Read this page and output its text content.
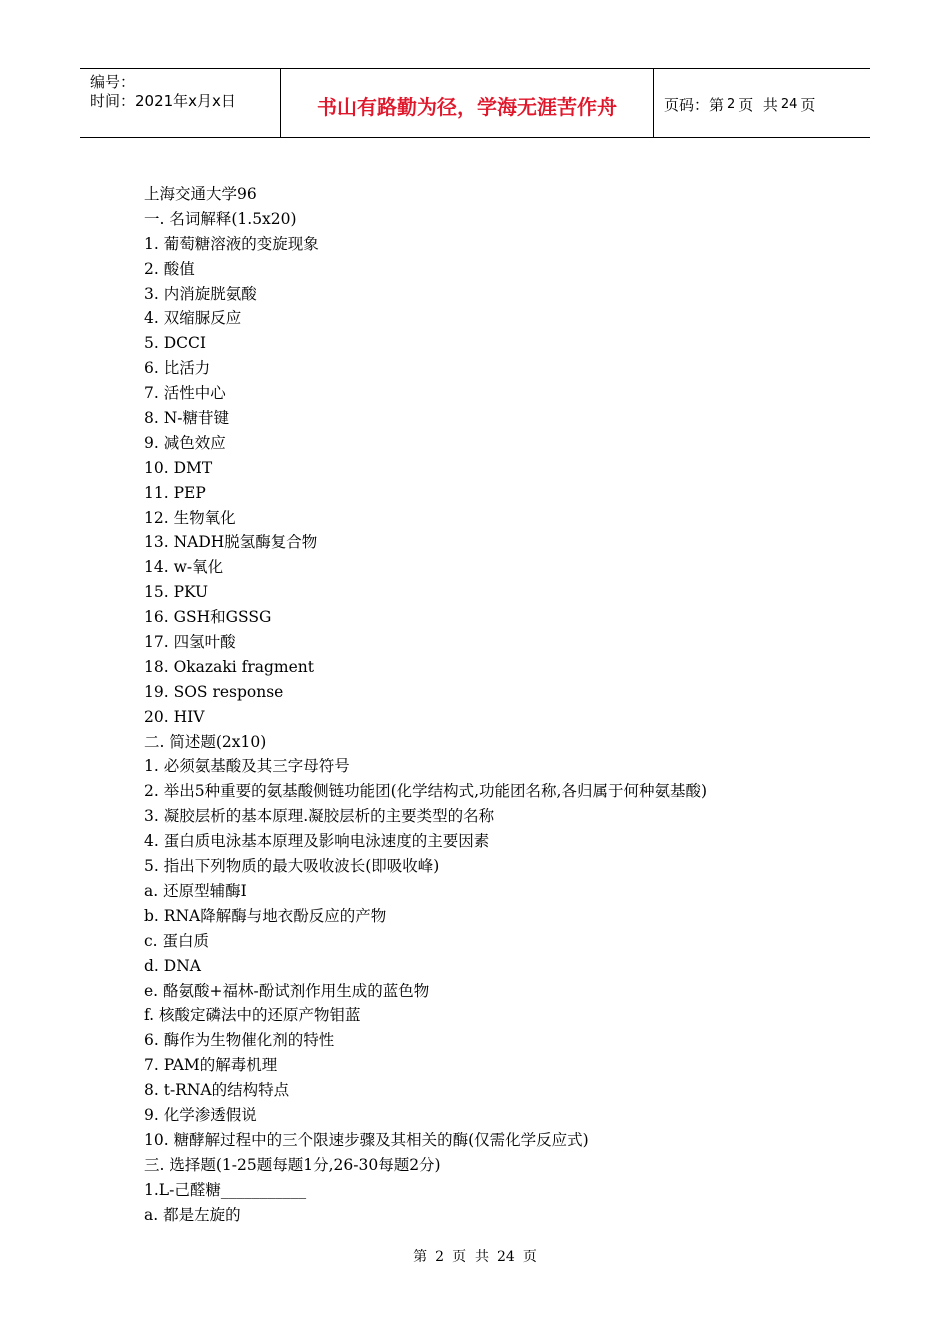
编号：
时间：2021年x月x日	书山有路勤为径，学海无涯苦作舟	页码：第 2 页  共 24 页
上海交通大学96
一. 名词解释(1.5x20)
1. 葡萄糖溶液的变旋现象
2. 酸值
3. 内消旋胱氨酸
4. 双缩脲反应
5. DCCI
6. 比活力
7. 活性中心
8. N-糖苷键
9. 减色效应
10. DMT
11. PEP
12. 生物氧化
13. NADH脱氢酶复合物
14. w-氧化
15. PKU
16. GSH和GSSG
17. 四氢叶酸
18. Okazaki fragment
19. SOS response
20. HIV
二. 简述题(2x10)
1. 必须氨基酸及其三字母符号
2. 举出5种重要的氨基酸侧链功能团(化学结构式,功能团名称,各归属于何种氨基酸)
3. 凝胶层析的基本原理.凝胶层析的主要类型的名称
4. 蛋白质电泳基本原理及影响电泳速度的主要因素
5. 指出下列物质的最大吸收波长(即吸收峰)
a. 还原型辅酶I
b. RNA降解酶与地衣酚反应的产物
c. 蛋白质
d. DNA
e. 酪氨酸+福林-酚试剂作用生成的蓝色物
f. 核酸定磷法中的还原产物钼蓝
6. 酶作为生物催化剂的特性
7. PAM的解毒机理
8. t-RNA的结构特点
9. 化学渗透假说
10. 糖酵解过程中的三个限速步骤及其相关的酶(仅需化学反应式)
三. 选择题(1-25题每题1分,26-30每题2分)
1.L-己醛糖___________
a. 都是左旋的
第 2 页  共 24 页
